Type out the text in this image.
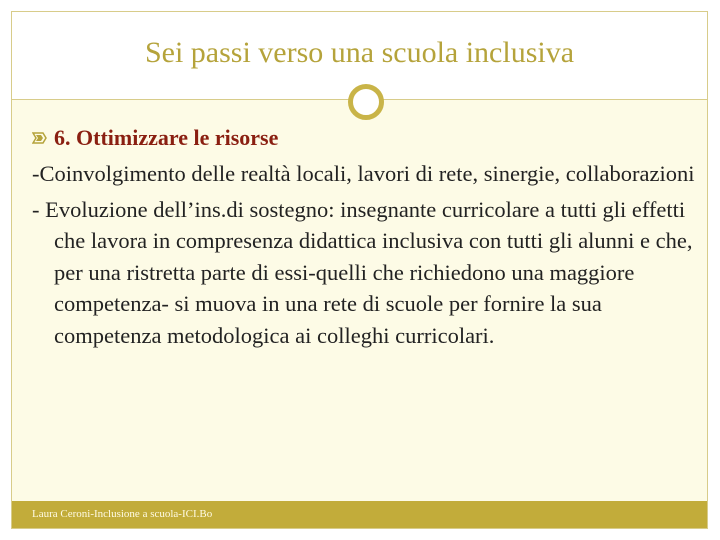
Sei passi verso una scuola inclusiva
6. Ottimizzare le risorse

-Coinvolgimento delle realtà locali, lavori di rete, sinergie, collaborazioni

- Evoluzione dell’ins.di sostegno: insegnante curricolare a tutti gli effetti che lavora in compresenza didattica inclusiva con tutti gli alunni e che, per una ristretta parte di essi-quelli che richiedono una maggiore competenza- si muova in una rete di scuole per fornire la sua competenza metodologica ai colleghi curricolari.

Laura Ceroni-Inclusione a scuola-ICI.Bo
